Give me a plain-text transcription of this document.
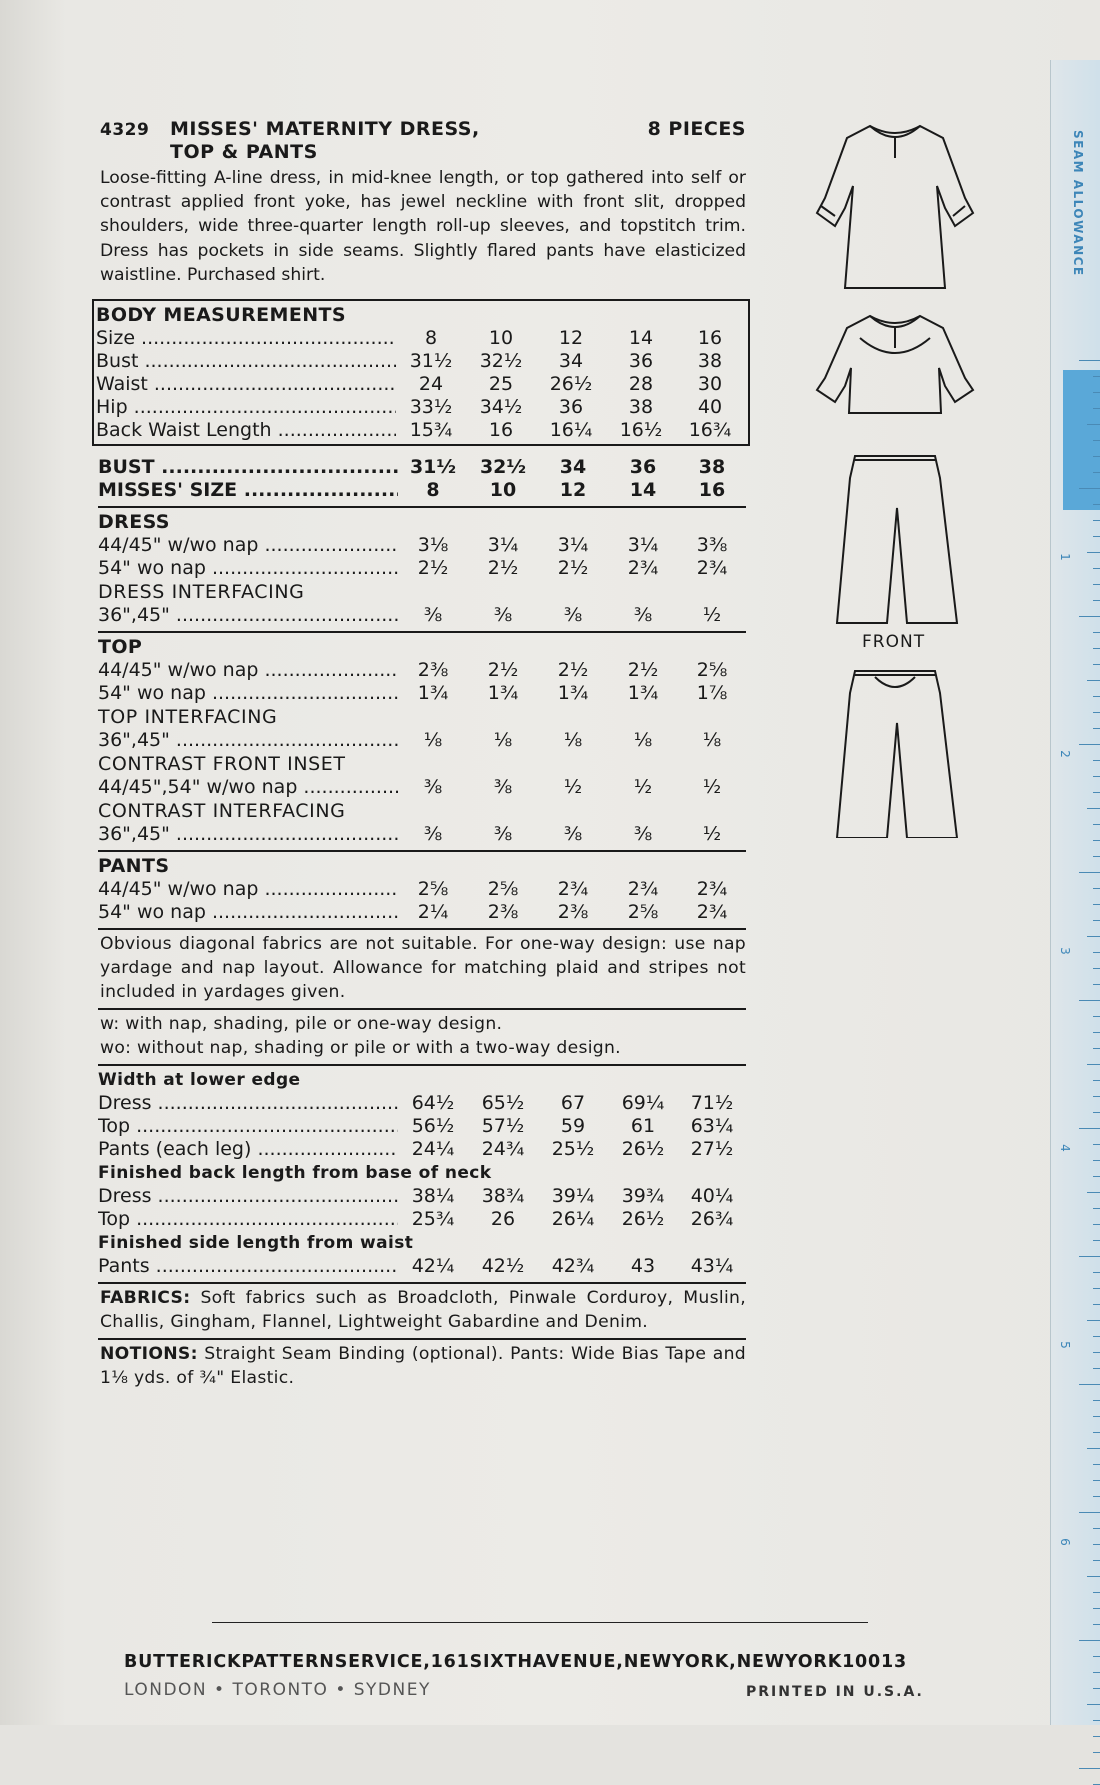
4329 MISSES' MATERNITY DRESS,
TOP & PANTS
8 PIECES

Loose-fitting A-line dress, in mid-knee length, or top gathered into self or contrast applied front yoke, has jewel neckline with front slit, dropped shoulders, wide three-quarter length roll-up sleeves, and topstitch trim. Dress has pockets in side seams. Slightly flared pants have elasticized waistline. Purchased shirt.

BODY MEASUREMENTS
Size .....	8	10	12	14	16
Bust .....	31½	32½	34	36	38
Waist .....	24	25	26½	28	30
Hip .....	33½	34½	36	38	40
Back Waist Length .....	15¾	16	16¼	16½	16¾
BUST .....	31½	32½	34	36	38
MISSES' SIZE .....	8	10	12	14	16
DRESS
44/45" w/wo nap .....	3⅛	3¼	3¼	3¼	3⅜
54" wo nap .....	2½	2½	2½	2¾	2¾
DRESS INTERFACING
36",45" .....	⅜	⅜	⅜	⅜	½
TOP
44/45" w/wo nap .....	2⅜	2½	2½	2½	2⅝
54" wo nap .....	1¾	1¾	1¾	1¾	1⅞
TOP INTERFACING
36",45" .....	⅛	⅛	⅛	⅛	⅛
CONTRAST FRONT INSET
44/45",54" w/wo nap .....	⅜	⅜	½	½	½
CONTRAST INTERFACING
36",45" .....	⅜	⅜	⅜	⅜	½
PANTS
44/45" w/wo nap .....	2⅝	2⅝	2¾	2¾	2¾
54" wo nap .....	2¼	2⅜	2⅜	2⅝	2¾

Obvious diagonal fabrics are not suitable. For one-way design: use nap yardage and nap layout. Allowance for matching plaid and stripes not included in yardages given.

w: with nap, shading, pile or one-way design.
wo: without nap, shading or pile or with a two-way design.
Width at lower edge
Dress .....	64½	65½	67	69¼	71½
Top .....	56½	57½	59	61	63¼
Pants (each leg) .....	24¼	24¾	25½	26½	27½
Finished back length from base of neck
Dress .....	38¼	38¾	39¼	39¾	40¼
Top .....	25¾	26	26¼	26½	26¾
Finished side length from waist
Pants .....	42¼	42½	42¾	43	43¼

FABRICS: Soft fabrics such as Broadcloth, Pinwale Corduroy, Muslin, Challis, Gingham, Flannel, Lightweight Gabardine and Denim.

NOTIONS: Straight Seam Binding (optional). Pants: Wide Bias Tape and 1⅛ yds. of ¾" Elastic.

FRONT
SEAM ALLOWANCE
1
2
3
4
5
6
BUTTERICKPATTERNSERVICE,161SIXTHAVENUE,NEWYORK,NEWYORK10013
LONDON • TORONTO • SYDNEY	PRINTED IN U.S.A.
